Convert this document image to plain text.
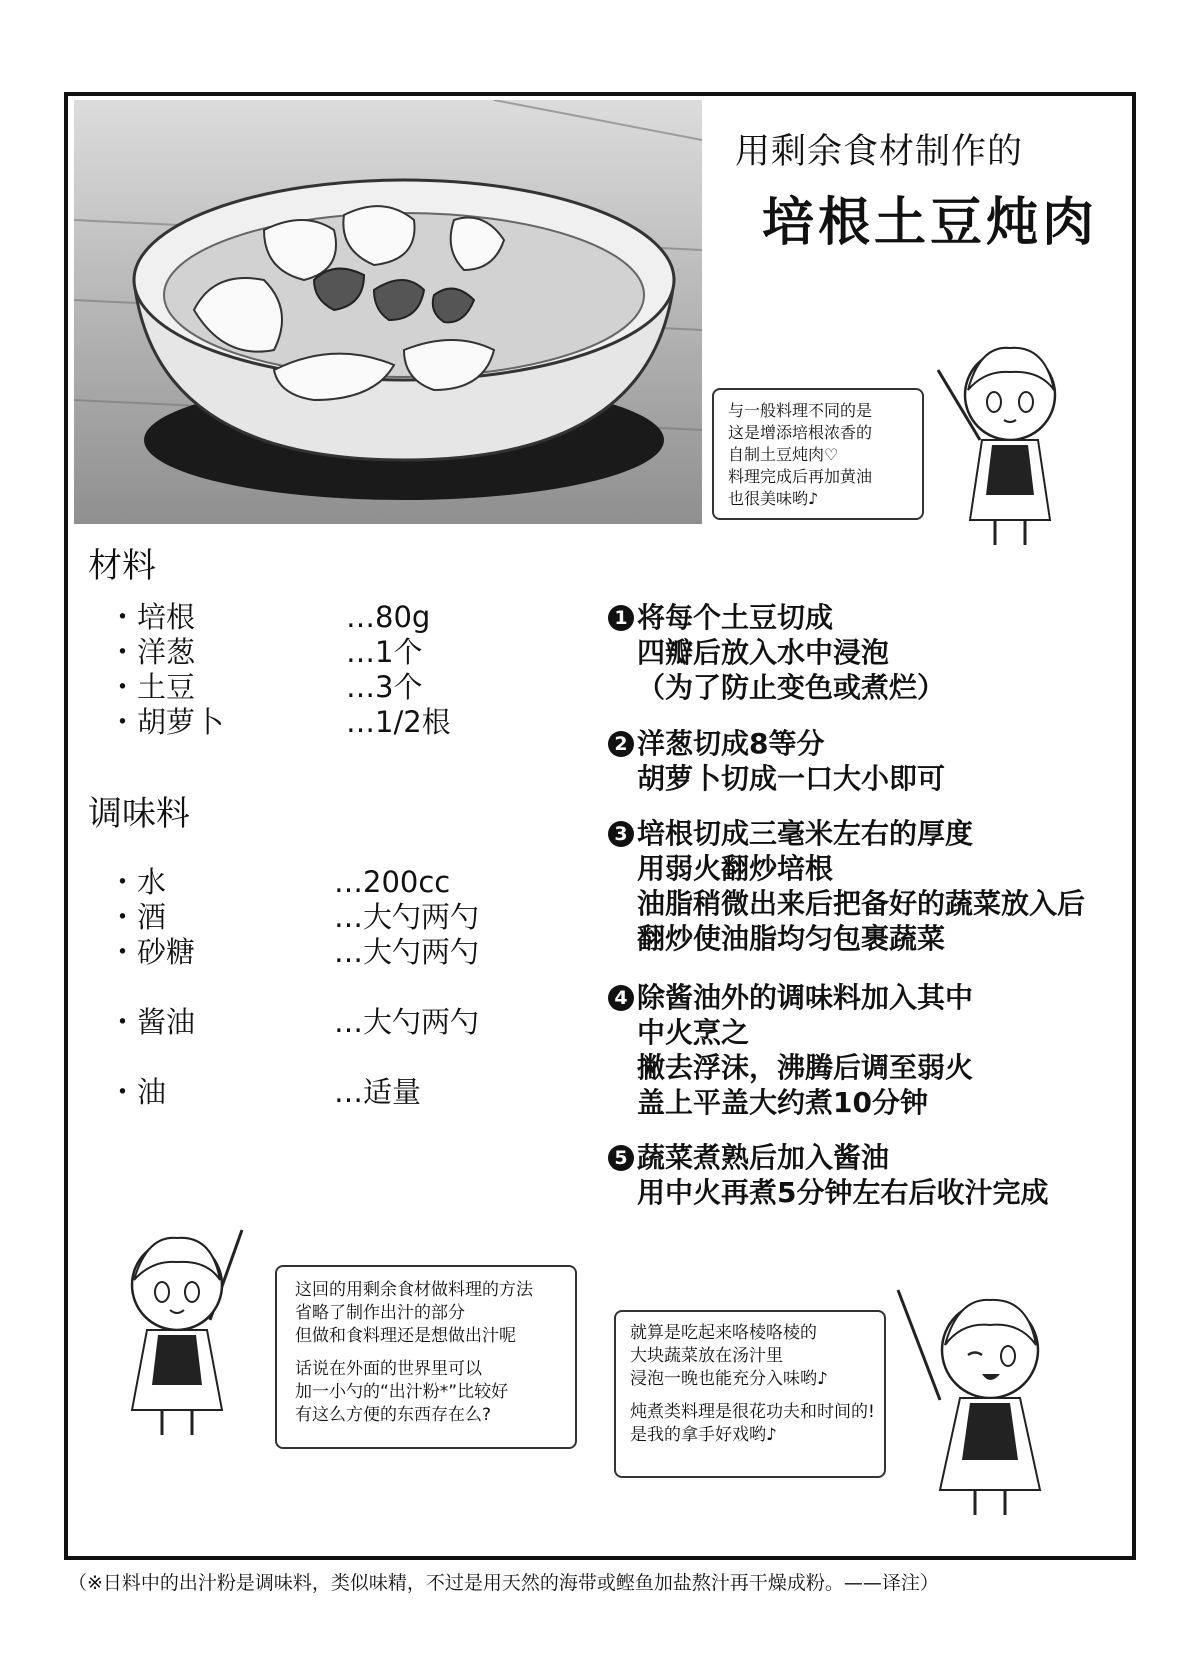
用剩余食材制作的
培根土豆炖肉
与一般料理不同的是
这是增添培根浓香的
自制土豆炖肉♡
料理完成后再加黄油
也很美味哟♪
材料
・培根	…80g
・洋葱	…1个
・土豆	…3个
・胡萝卜	…1/2根
调味料
・水	…200cc
・酒	…大勺两勺
・砂糖	…大勺两勺
・酱油	…大勺两勺
・油	…适量
1 将每个土豆切成
四瓣后放入水中浸泡
（为了防止变色或煮烂）
2 洋葱切成8等分
胡萝卜切成一口大小即可
3 培根切成三毫米左右的厚度
用弱火翻炒培根
油脂稍微出来后把备好的蔬菜放入后
翻炒使油脂均匀包裹蔬菜
4 除酱油外的调味料加入其中
中火烹之
撇去浮沫，沸腾后调至弱火
盖上平盖大约煮10分钟
5 蔬菜煮熟后加入酱油
用中火再煮5分钟左右后收汁完成
这回的用剩余食材做料理的方法
省略了制作出汁的部分
但做和食料理还是想做出汁呢
话说在外面的世界里可以
加一小勺的“出汁粉*”比较好
有这么方便的东西存在么?
就算是吃起来咯棱咯棱的
大块蔬菜放在汤汁里
浸泡一晚也能充分入味哟♪
炖煮类料理是很花功夫和时间的!
是我的拿手好戏哟♪
（※日料中的出汁粉是调味料，类似味精，不过是用天然的海带或鲣鱼加盐熬汁再干燥成粉。——译注）
